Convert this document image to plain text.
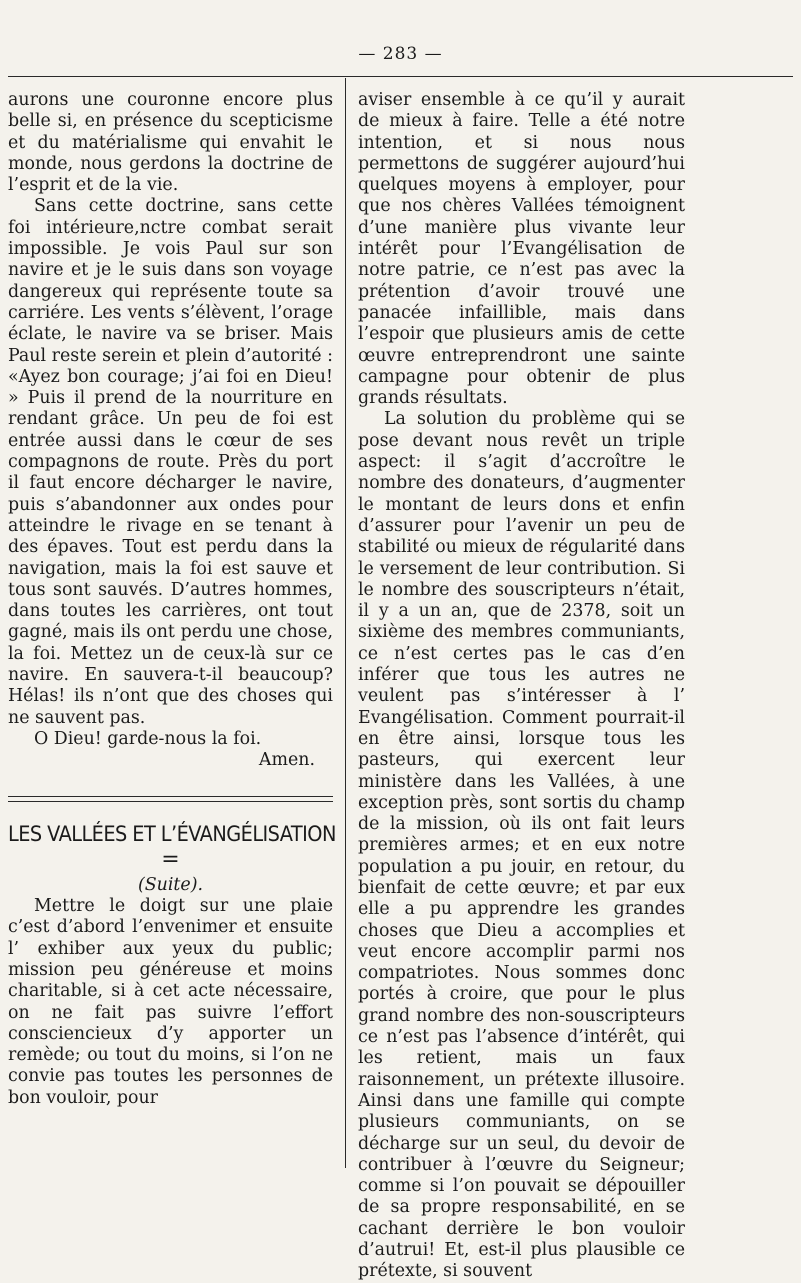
— 283 —

aurons une couronne encore plus belle si, en présence du scepticisme et du matérialisme qui envahit le monde, nous gerdons la doctrine de l’esprit et de la vie.

Sans cette doctrine, sans cette foi intérieure,nctre combat serait impossible. Je vois Paul sur son navire et je le suis dans son voyage dangereux qui représente toute sa carriére. Les vents s’élèvent, l’orage éclate, le navire va se briser. Mais Paul reste serein et plein d’autorité : «Ayez bon courage; j’ai foi en Dieu! » Puis il prend de la nourriture en rendant grâce. Un peu de foi est entrée aussi dans le cœur de ses compagnons de route. Près du port il faut encore décharger le navire, puis s’abandonner aux ondes pour atteindre le rivage en se tenant à des épaves. Tout est perdu dans la navigation, mais la foi est sauve et tous sont sauvés. D’autres hommes, dans toutes les carrières, ont tout gagné, mais ils ont perdu une chose, la foi. Mettez un de ceux-là sur ce navire. En sauvera-t-il beaucoup? Hélas! ils n’ont que des choses qui ne sauvent pas.

O Dieu! garde-nous la foi.

Amen.

LES VALLÉES ET L’ÉVANGÉLISATION

=

(Suite).

Mettre le doigt sur une plaie c’est d’abord l’envenimer et ensuite l’ exhiber aux yeux du public; mission peu généreuse et moins charitable, si à cet acte nécessaire, on ne fait pas suivre l’effort consciencieux d’y apporter un remède; ou tout du moins, si l’on ne convie pas toutes les personnes de bon vouloir, pour

aviser ensemble à ce qu’il y aurait de mieux à faire. Telle a été notre intention, et si nous nous permettons de suggérer aujourd’hui quelques moyens à employer, pour que nos chères Vallées témoignent d’une manière plus vivante leur intérêt pour l’Evangélisation de notre patrie, ce n’est pas avec la prétention d’avoir trouvé une panacée infaillible, mais dans l’espoir que plusieurs amis de cette œuvre entreprendront une sainte campagne pour obtenir de plus grands résultats.

La solution du problème qui se pose devant nous revêt un triple aspect: il s’agit d’accroître le nombre des donateurs, d’augmenter le montant de leurs dons et enfin d’assurer pour l’avenir un peu de stabilité ou mieux de régularité dans le versement de leur contribution. Si le nombre des souscripteurs n’était, il y a un an, que de 2378, soit un sixième des membres communiants, ce n’est certes pas le cas d’en inférer que tous les autres ne veulent pas s’intéresser à l’ Evangélisation. Comment pourrait-il en être ainsi, lorsque tous les pasteurs, qui exercent leur ministère dans les Vallées, à une exception près, sont sortis du champ de la mission, où ils ont fait leurs premières armes; et en eux notre population a pu jouir, en retour, du bienfait de cette œuvre; et par eux elle a pu apprendre les grandes choses que Dieu a accomplies et veut encore accomplir parmi nos compatriotes. Nous sommes donc portés à croire, que pour le plus grand nombre des non-souscripteurs ce n’est pas l’absence d’intérêt, qui les retient, mais un faux raisonnement, un prétexte illusoire. Ainsi dans une famille qui compte plusieurs communiants, on se décharge sur un seul, du devoir de contribuer à l’œuvre du Seigneur; comme si l’on pouvait se dépouiller de sa propre responsabilité, en se cachant derrière le bon vouloir d’autrui! Et, est-il plus plausible ce prétexte, si souvent
